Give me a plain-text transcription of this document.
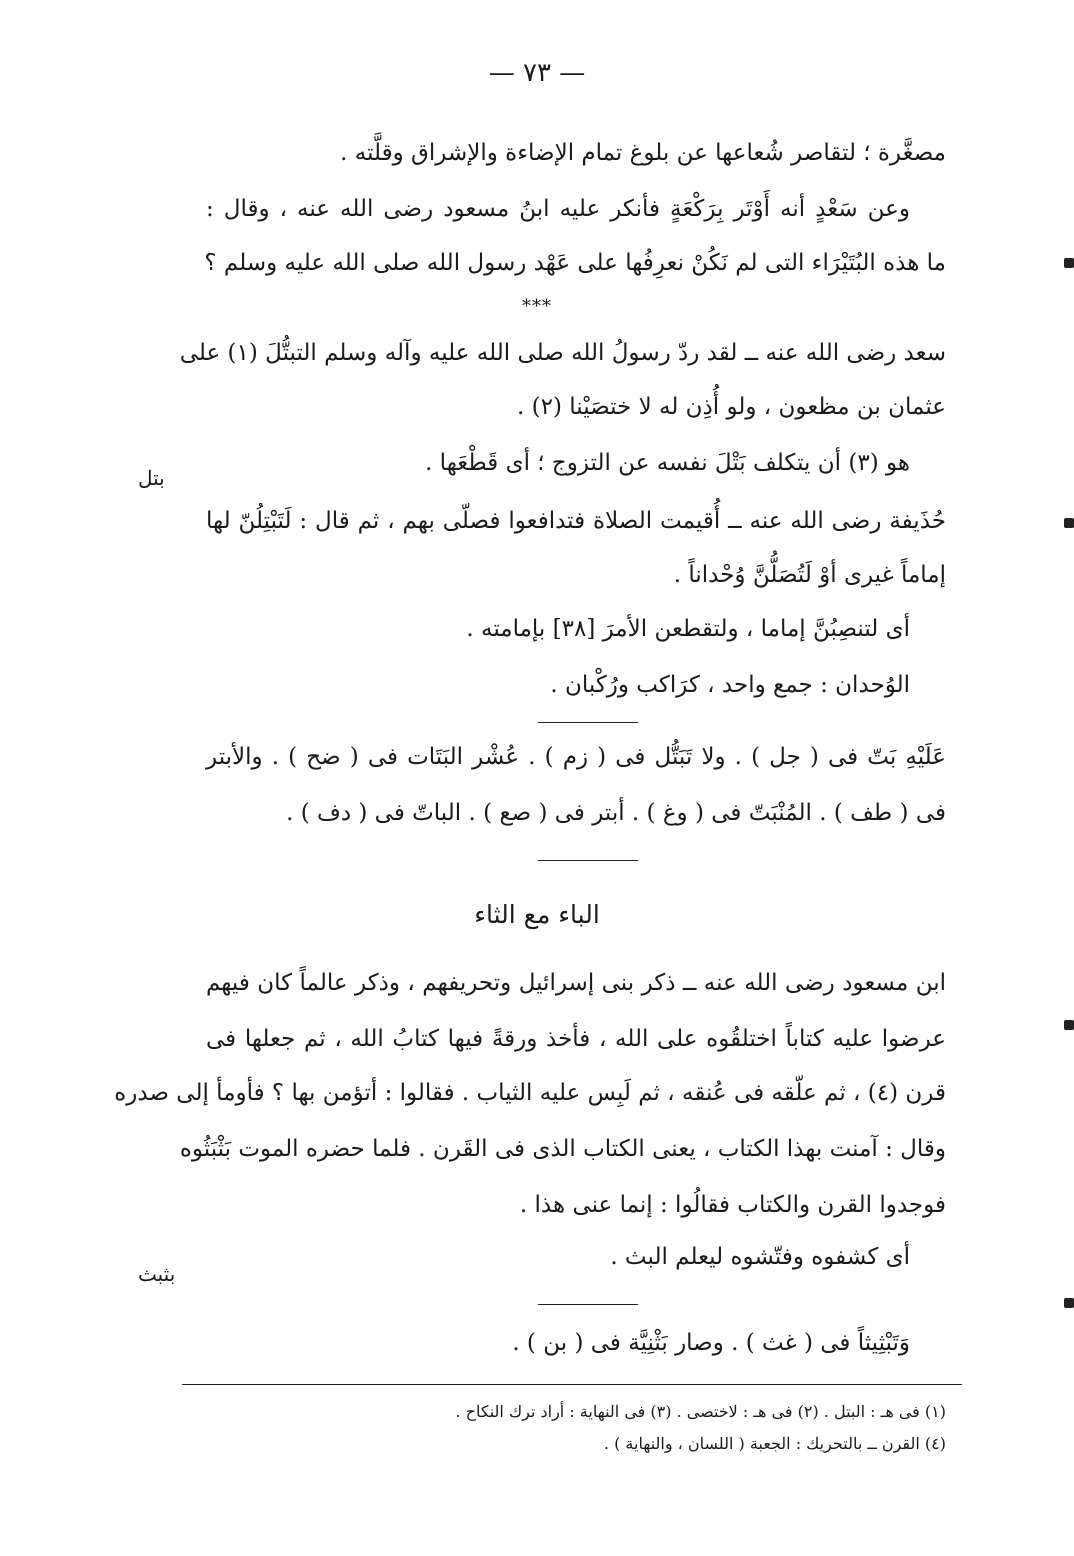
— ٧٣ —
مصغَّرة ؛ لتقاصر شُعاعها عن بلوغ تمام الإضاءة والإشراق وقلَّته .
وعن سَعْدٍ أنه أَوْتَر بِرَكْعَةٍ فأنكر عليه ابنُ مسعود رضى الله عنه ، وقال :
ما هذه البُتَيْرَاء التى لم نَكُنْ نعرِفُها على عَهْد رسول الله صلى الله عليه وسلم ؟
***
سعد رضى الله عنه ــ لقد ردّ رسولُ الله صلى الله عليه وآله وسلم التبتُّلَ (١) على
عثمان بن مظعون ، ولو أُذِن له لا ختصَيْنا (٢) .
هو (٣) أن يتكلف بَتْلَ نفسه عن التزوج ؛ أى قَطْعَها .
حُذَيفة رضى الله عنه ــ أُقيمت الصلاة فتدافعوا فصلّى بهم ، ثم قال : لَتَبْتِلُنّ لها
إماماً غيرى أوْ لَتُصَلُّنَّ وُحْداناً .
أى لتنصِبُنَّ إماما ، ولتقطعن الأمرَ [٣٨] بإمامته .
الوُحدان : جمع واحد ، كرَاكب ورُكْبان .
بتل
عَلَيْهِ بَتّ فى ( جل ) . ولا تَبَتُّل فى ( زم ) . عُشْر البَتَات فى ( ضح ) . والأبتر
فى ( طف ) . المُنْبَتّ فى ( وغ ) . أبتر فى ( صع ) . الباتّ فى ( دف ) .
الباء مع الثاء
ابن مسعود رضى الله عنه ــ ذكر بنى إسرائيل وتحريفهم ، وذكر عالماً كان فيهم
عرضوا عليه كتاباً اختلقُوه على الله ، فأخذ ورقةً فيها كتابُ الله ، ثم جعلها فى
قرن (٤) ، ثم علّقه فى عُنقه ، ثم لَبِس عليه الثياب . فقالوا : أتؤمن بها ؟ فأومأ إلى صدره
وقال : آمنت بهذا الكتاب ، يعنى الكتاب الذى فى القَرن . فلما حضره الموت بَثْبَثُوه
فوجدوا القرن والكتاب فقالُوا : إنما عنى هذا .
أى كشفوه وفتّشوه ليعلم البث .
بثبث
وَتَبْثِيثاً فى ( غث ) . وصار بَثْنِيَّة فى ( بن ) .
(١) فى هـ : البتل . (٢) فى هـ : لاختصى . (٣) فى النهاية : أراد ترك النكاح .
(٤) القرن ــ بالتحريك : الجعبة ( اللسان ، والنهاية ) .
